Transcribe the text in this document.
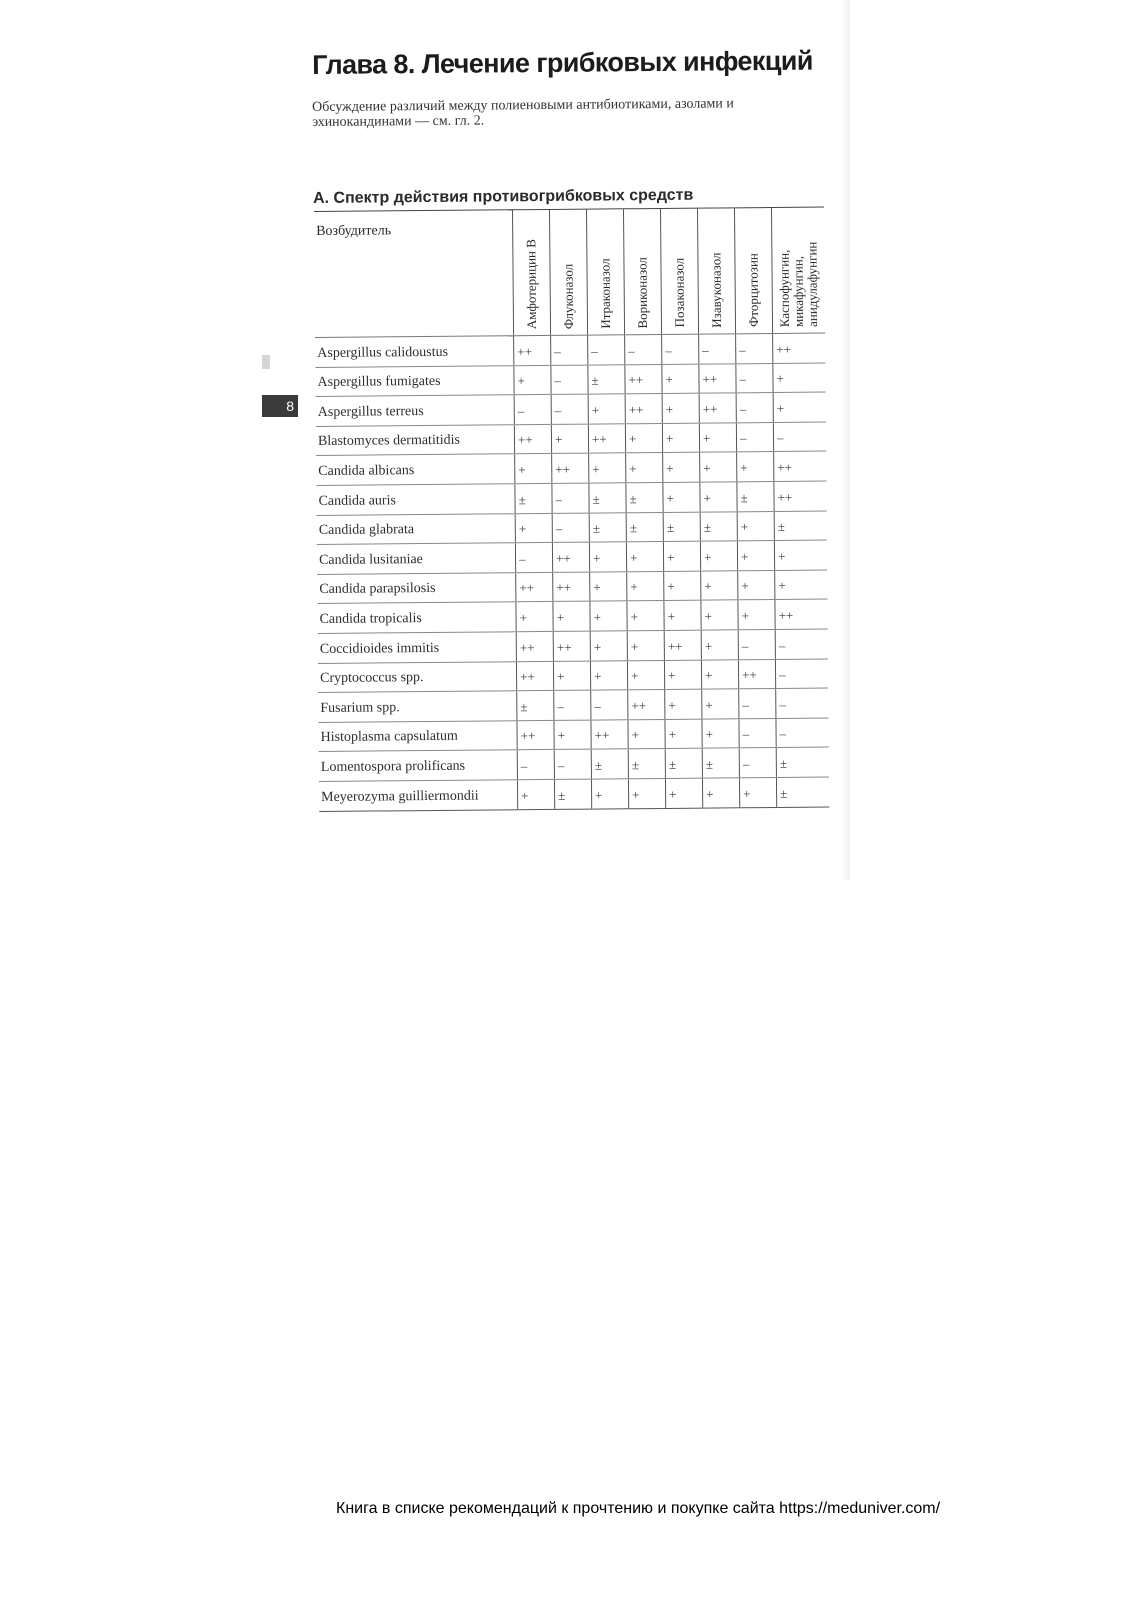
Глава 8. Лечение грибковых инфекций
Обсуждение различий между полиеновыми антибиотиками, азолами и эхинокандинами — см. гл. 2.
А. Спектр действия противогрибковых средств
8
Возбудитель	Амфотерицин В	Флуконазол	Итраконазол	Вориконазол	Позаконазол	Изавуконазол	Фторцитозин	Каспофунгин,
микафунгин,
анидулафунгин

Aspergillus calidoustus	++	–	–	–	–	–	–	++
Aspergillus fumigates	+	–	±	++	+	++	–	+
Aspergillus terreus	–	–	+	++	+	++	–	+
Blastomyces dermatitidis	++	+	++	+	+	+	–	–
Candida albicans	+	++	+	+	+	+	+	++
Candida auris	±	–	±	±	+	+	±	++
Candida glabrata	+	–	±	±	±	±	+	±
Candida lusitaniae	–	++	+	+	+	+	+	+
Candida parapsilosis	++	++	+	+	+	+	+	+
Candida tropicalis	+	+	+	+	+	+	+	++
Coccidioides immitis	++	++	+	+	++	+	–	–
Cryptococcus spp.	++	+	+	+	+	+	++	–
Fusarium spp.	±	–	–	++	+	+	–	–
Histoplasma capsulatum	++	+	++	+	+	+	–	–
Lomentospora prolificans	–	–	±	±	±	±	–	±
Meyerozyma guilliermondii	+	±	+	+	+	+	+	±
Книга в списке рекомендаций к прочтению и покупке сайта https://meduniver.com/
